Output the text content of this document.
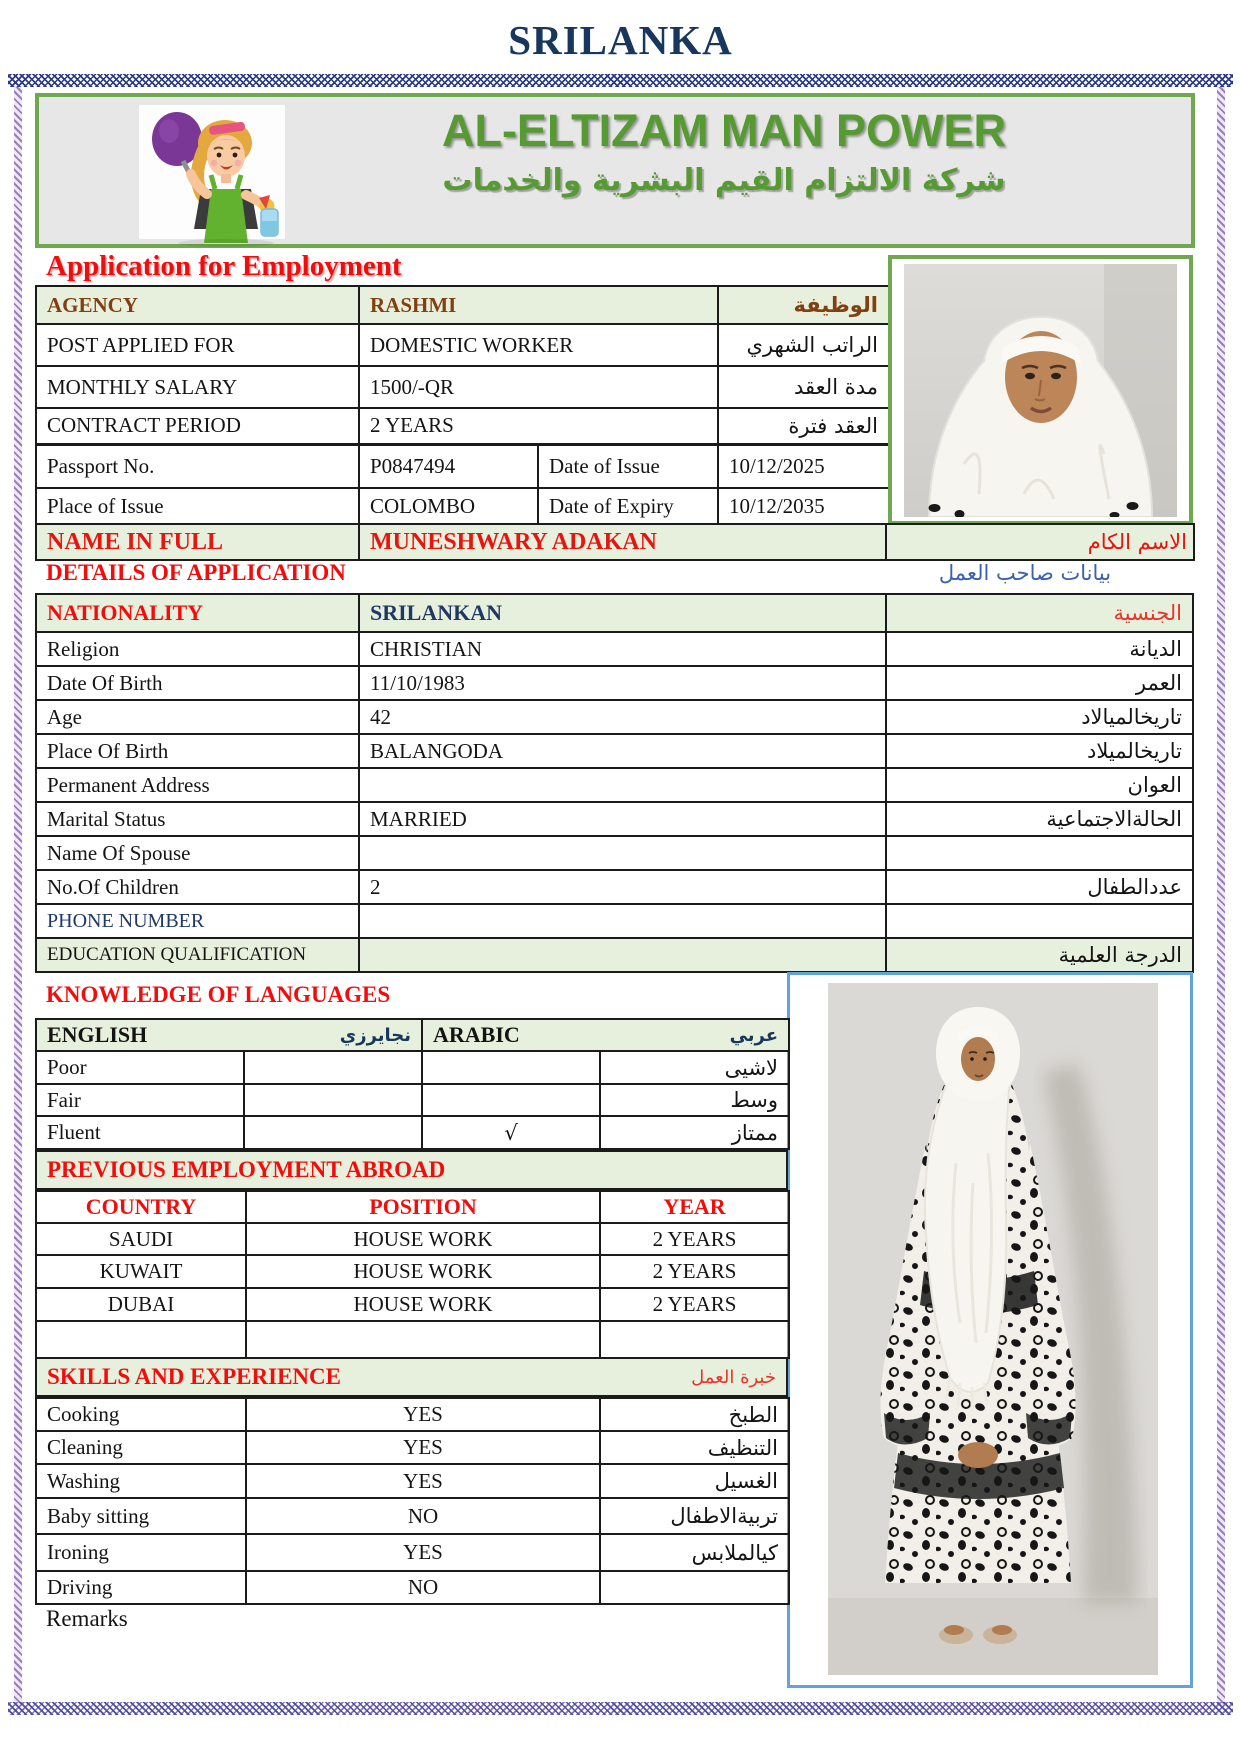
SRILANKA
AL-ELTIZAM MAN POWER
شركة الالتزام القيم البشرية والخدمات
Application for Employment
AGENCY	RASHMI		الوظيفة
POST APPLIED FOR	DOMESTIC WORKER		الراتب الشهري
MONTHLY SALARY	1500/-QR		مدة العقد
CONTRACT PERIOD	2 YEARS		العقد فترة
Passport No.	P0847494	Date of Issue	10/12/2025
Place of Issue	COLOMBO	Date of Expiry	10/12/2035
NAME IN FULL	MUNESHWARY ADAKAN	الاسم الكام
DETAILS OF APPLICATION	بيانات صاحب العمل
NATIONALITY	SRILANKAN	الجنسية
Religion	CHRISTIAN	الديانة
Date Of Birth	11/10/1983	العمر
Age	42	تاريخالميالاد
Place Of Birth	BALANGODA	تاريخالميلاد
Permanent Address		العوان
Marital Status	MARRIED	الحالةالاجتماعية
Name Of Spouse		
No.Of Children	2	عددالطفال
PHONE NUMBER		
EDUCATION QUALIFICATION		الدرجة العلمية
KNOWLEDGE OF LANGUAGES
ENGLISH نجايرزي		ARABIC عربي	

Poor			لاشيى
Fair			وسط
Fluent		√	ممتاز
PREVIOUS EMPLOYMENT ABROAD
COUNTRY	POSITION	YEAR
SAUDI	HOUSE WORK	2 YEARS
KUWAIT	HOUSE WORK	2 YEARS
DUBAI	HOUSE WORK	2 YEARS

SKILLS AND EXPERIENCE	خبرة العمل
Cooking	YES	الطبخ
Cleaning	YES	التنظيف
Washing	YES	الغسيل
Baby sitting	NO	تربيةالاطفال
Ironing	YES	كيالملابس
Driving	NO	
Remarks
